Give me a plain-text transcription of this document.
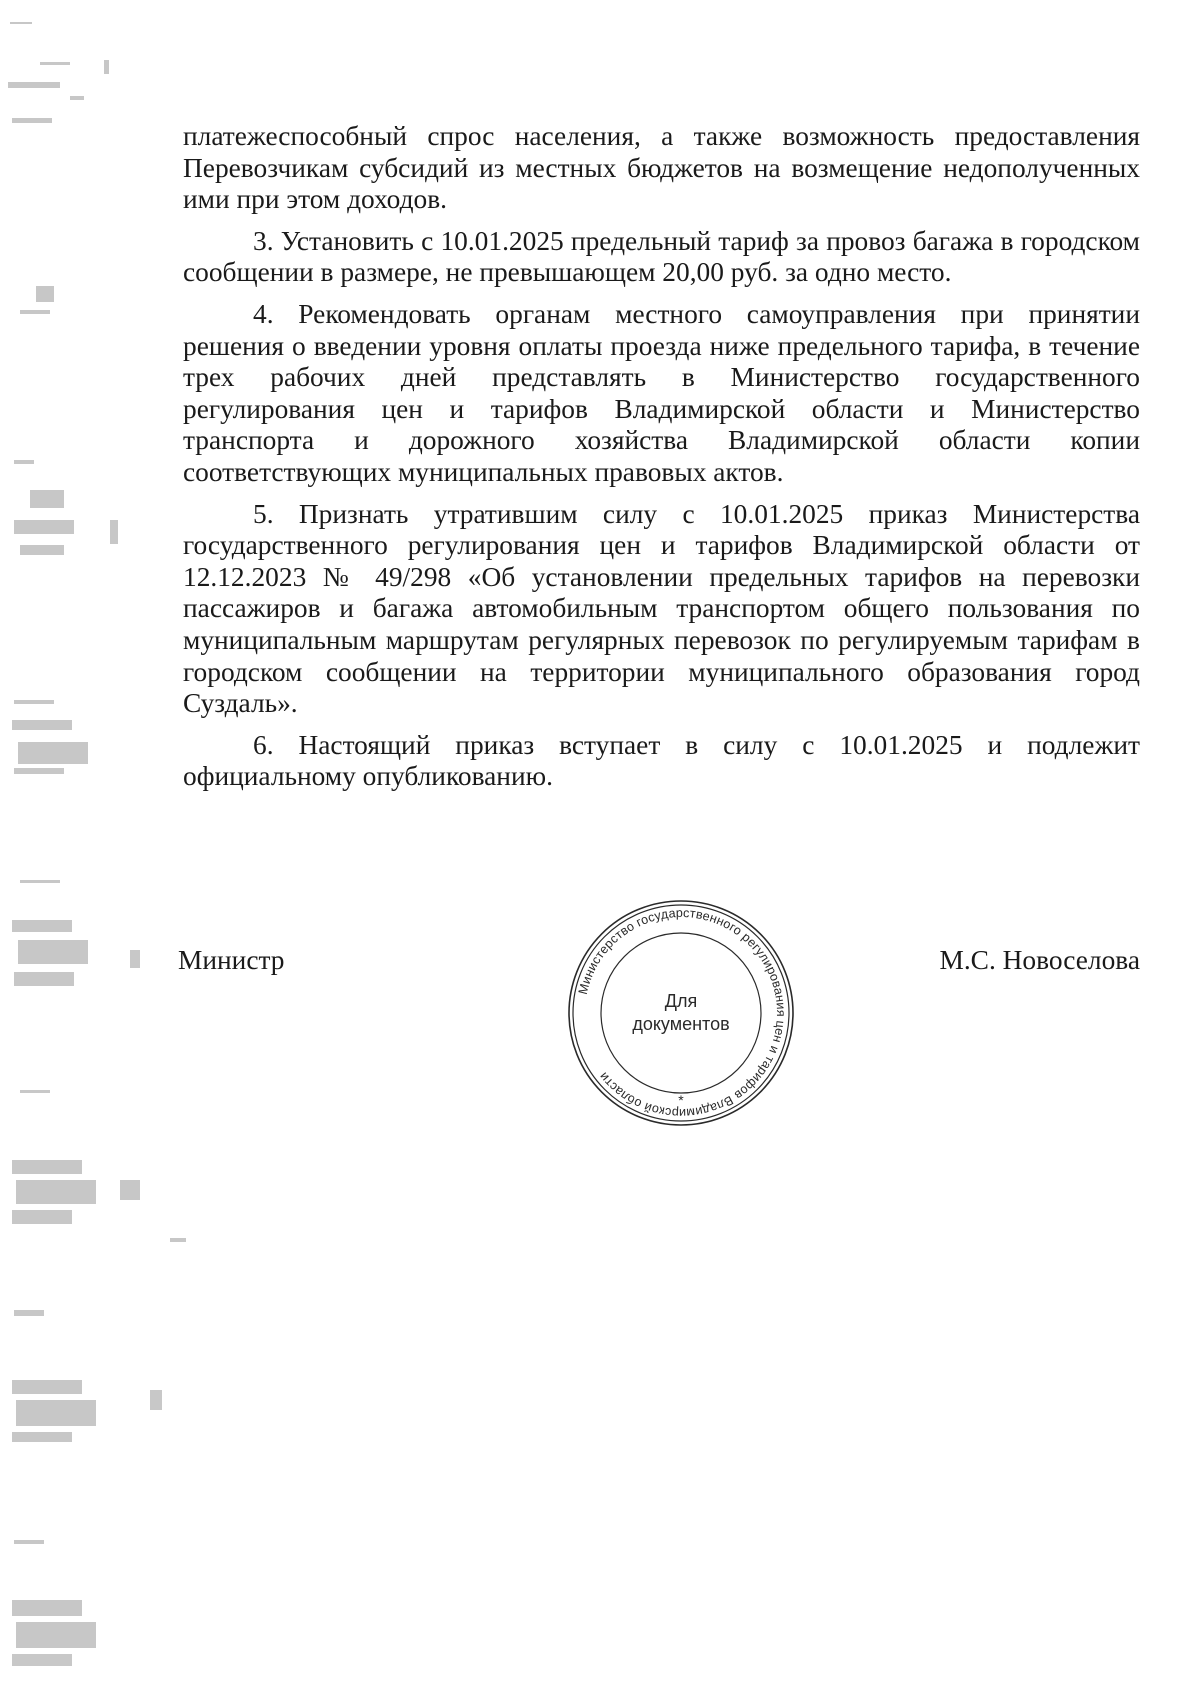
платежеспособный спрос населения, а также возможность предоставления Перевозчикам субсидий из местных бюджетов на возмещение недополученных ими при этом доходов.

3. Установить с 10.01.2025 предельный тариф за провоз багажа в городском сообщении в размере, не превышающем 20,00 руб. за одно место.

4. Рекомендовать органам местного самоуправления при принятии решения о введении уровня оплаты проезда ниже предельного тарифа, в течение трех рабочих дней представлять в Министерство государственного регулирования цен и тарифов Владимирской области и Министерство транспорта и дорожного хозяйства Владимирской области копии соответствующих муниципальных правовых актов.

5. Признать утратившим силу с 10.01.2025 приказ Министерства государственного регулирования цен и тарифов Владимирской области от 12.12.2023 № 49/298 «Об установлении предельных тарифов на перевозки пассажиров и багажа автомобильным транспортом общего пользования по муниципальным маршрутам регулярных перевозок по регулируемым тарифам в городском сообщении на территории муниципального образования город Суздаль».

6. Настоящий приказ вступает в силу с 10.01.2025 и подлежит официальному опубликованию.

Министр	М.С. Новоселова
Министерство государственного регулирования цен и тарифов Владимирской области
*
Для
документов
